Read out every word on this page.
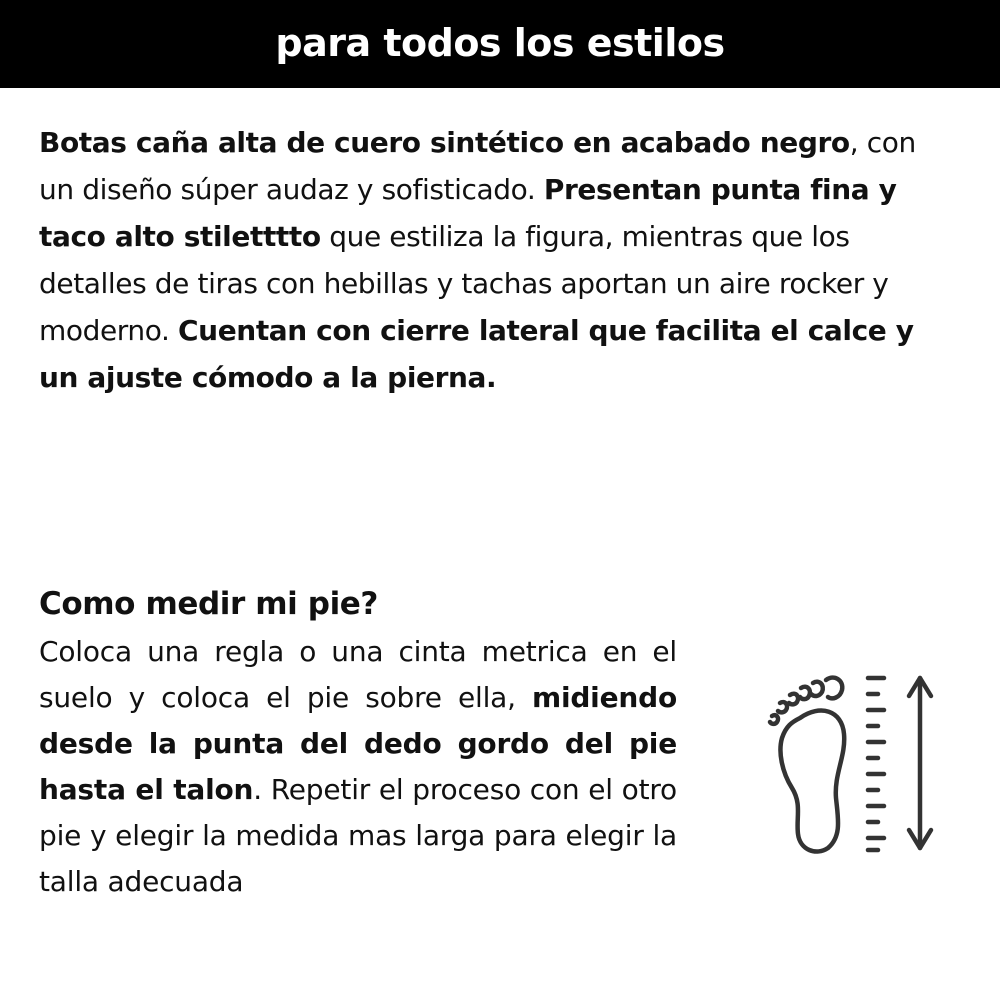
para todos los estilos

Botas caña alta de cuero sintético en acabado negro, con un diseño súper audaz y sofisticado. Presentan punta fina y taco alto stiletttto que estiliza la figura, mientras que los detalles de tiras con hebillas y tachas aportan un aire rocker y moderno. Cuentan con cierre lateral que facilita el calce y un ajuste cómodo a la pierna.

Como medir mi pie?

Coloca una regla o una cinta metrica en el suelo y coloca el pie sobre ella, midiendo desde la punta del dedo gordo del pie hasta el talon. Repetir el proceso con el otro pie y elegir la medida mas larga para elegir la talla adecuada
